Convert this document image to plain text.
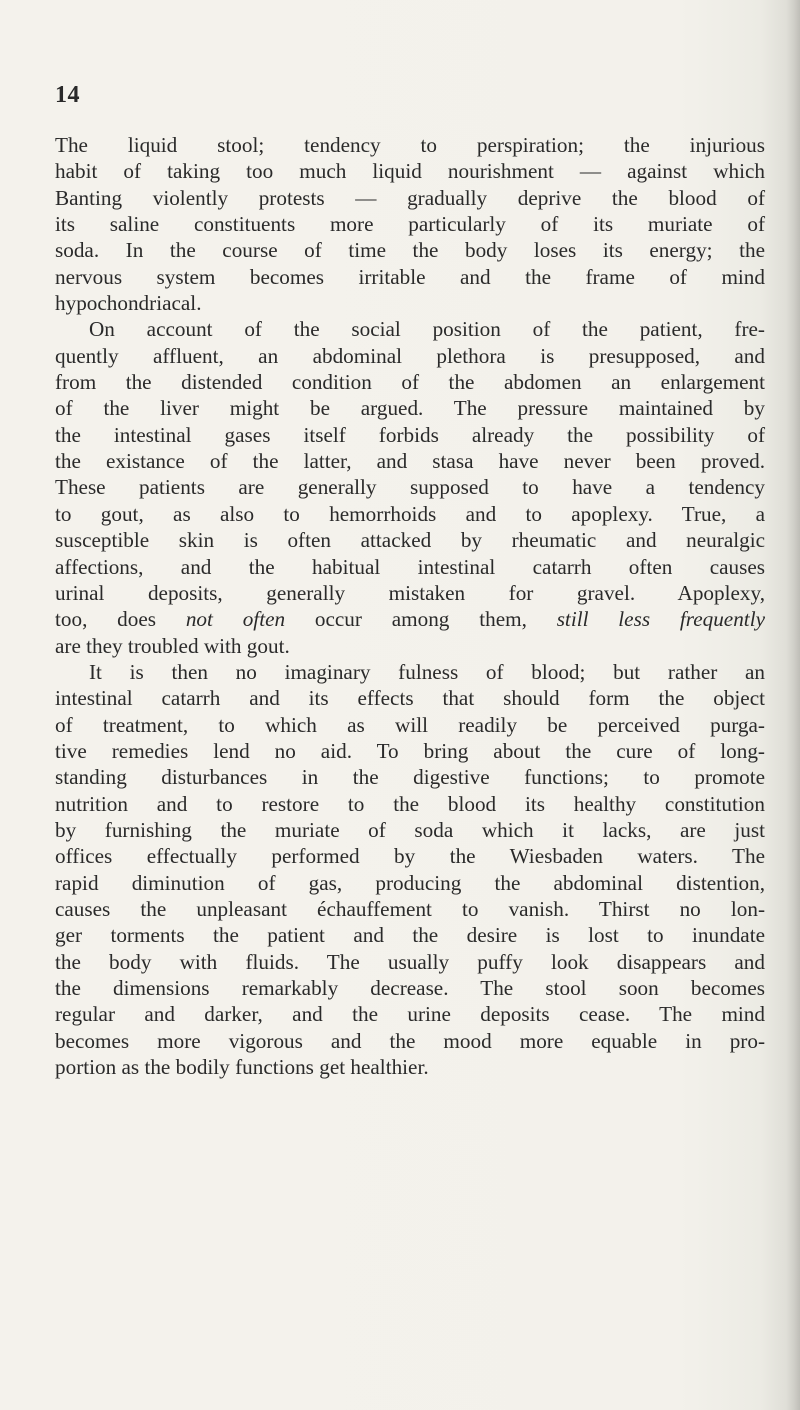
14
The liquid stool; tendency to perspiration; the injurious
habit of taking too much liquid nourishment — against which
Banting violently protests — gradually deprive the blood of
its saline constituents more particularly of its muriate of
soda. In the course of time the body loses its energy; the
nervous system becomes irritable and the frame of mind
hypochondriacal.
On account of the social position of the patient, fre-
quently affluent, an abdominal plethora is presupposed, and
from the distended condition of the abdomen an enlargement
of the liver might be argued. The pressure maintained by
the intestinal gases itself forbids already the possibility of
the existance of the latter, and stasa have never been proved.
These patients are generally supposed to have a tendency
to gout, as also to hemorrhoids and to apoplexy. True, a
susceptible skin is often attacked by rheumatic and neuralgic
affections, and the habitual intestinal catarrh often causes
urinal deposits, generally mistaken for gravel. Apoplexy,
too, does not often occur among them, still less frequently
are they troubled with gout.
It is then no imaginary fulness of blood; but rather an
intestinal catarrh and its effects that should form the object
of treatment, to which as will readily be perceived purga-
tive remedies lend no aid. To bring about the cure of long-
standing disturbances in the digestive functions; to promote
nutrition and to restore to the blood its healthy constitution
by furnishing the muriate of soda which it lacks, are just
offices effectually performed by the Wiesbaden waters. The
rapid diminution of gas, producing the abdominal distention,
causes the unpleasant échauffement to vanish. Thirst no lon-
ger torments the patient and the desire is lost to inundate
the body with fluids. The usually puffy look disappears and
the dimensions remarkably decrease. The stool soon becomes
regular and darker, and the urine deposits cease. The mind
becomes more vigorous and the mood more equable in pro-
portion as the bodily functions get healthier.
